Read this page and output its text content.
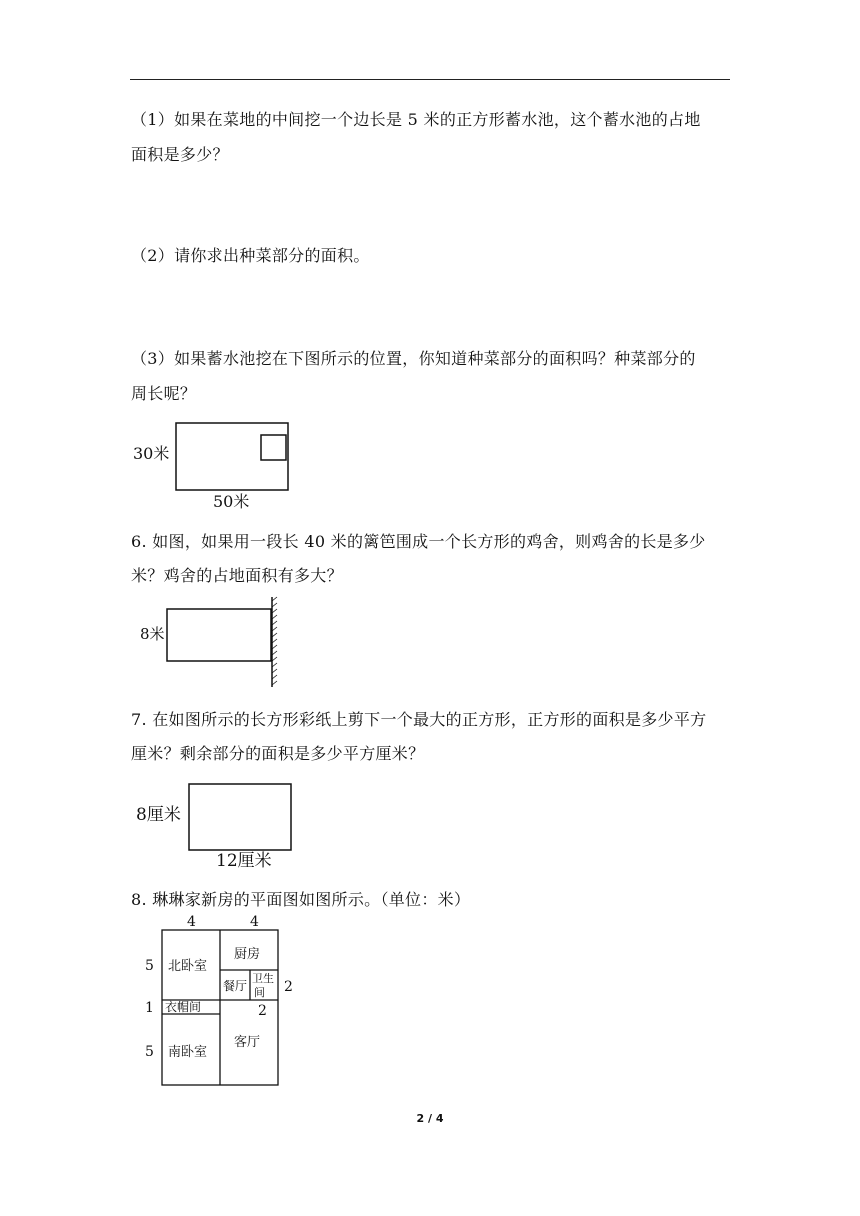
（1）如果在菜地的中间挖一个边长是 5 米的正方形蓄水池，这个蓄水池的占地
面积是多少？
（2）请你求出种菜部分的面积。
（3）如果蓄水池挖在下图所示的位置，你知道种菜部分的面积吗？种菜部分的
周长呢？
30米
50米
6. 如图，如果用一段长 40 米的篱笆围成一个长方形的鸡舍，则鸡舍的长是多少
米？鸡舍的占地面积有多大？
8米
7. 在如图所示的长方形彩纸上剪下一个最大的正方形，正方形的面积是多少平方
厘米？剩余部分的面积是多少平方厘米？
8厘米
12厘米
8. 琳琳家新房的平面图如图所示。（单位：米）
4	4
5
1
5
2
2
北卧室
厨房
餐厅
卫生
间
衣帽间
客厅
南卧室
2 / 4
